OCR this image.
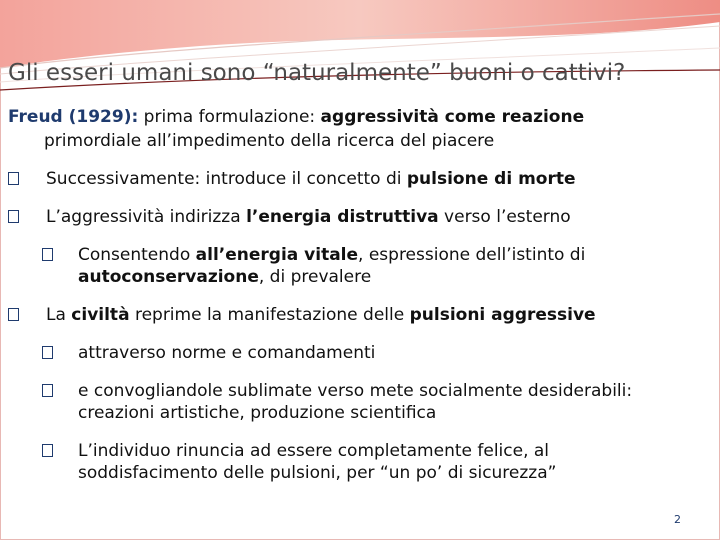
Gli esseri umani sono “naturalmente” buoni o cattivi?
Freud (1929): prima formulazione: aggressività come reazione
primordiale all’impedimento della ricerca del piacere
Successivamente: introduce il concetto di pulsione di morte
L’aggressività indirizza l’energia distruttiva verso l’esterno
Consentendo all’energia vitale, espressione dell’istinto di
autoconservazione, di prevalere
La civiltà reprime la manifestazione delle pulsioni aggressive
attraverso norme e comandamenti
e convogliandole sublimate verso mete socialmente desiderabili:
creazioni artistiche, produzione scientifica
L’individuo rinuncia ad essere completamente felice, al
soddisfacimento delle pulsioni, per “un po’ di sicurezza”
2
